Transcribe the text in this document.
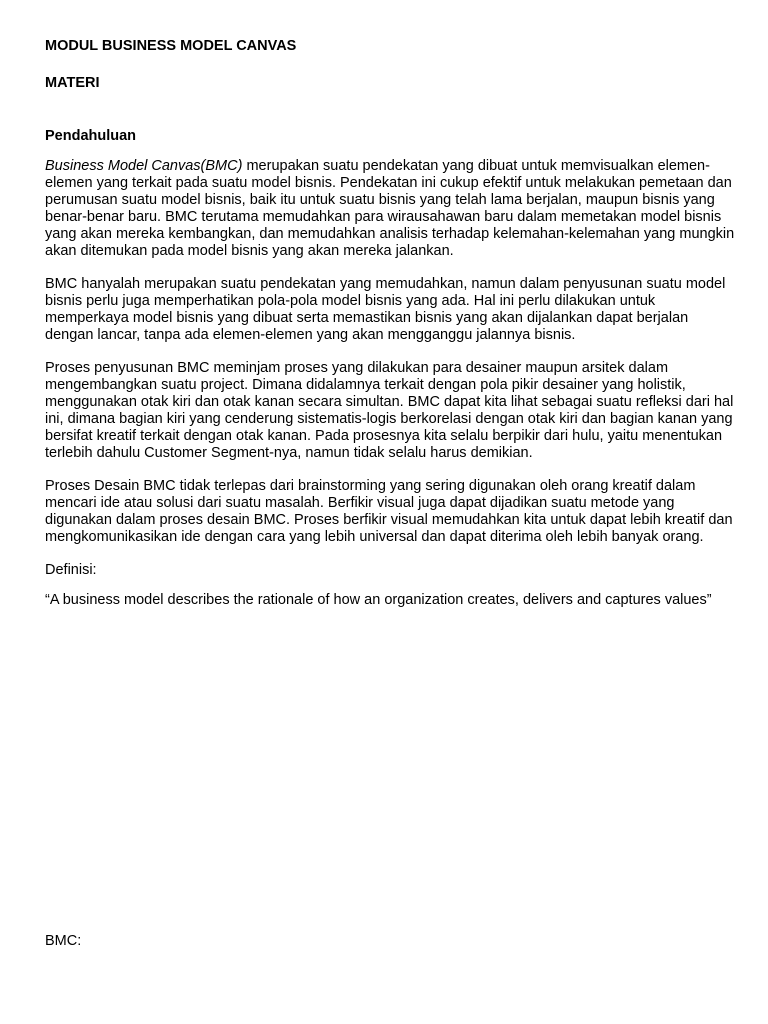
MODUL BUSINESS MODEL CANVAS

MATERI

Pendahuluan

Business Model Canvas(BMC) merupakan suatu pendekatan yang dibuat untuk memvisualkan elemen-elemen yang terkait pada suatu model bisnis. Pendekatan ini cukup efektif untuk melakukan pemetaan dan perumusan suatu model bisnis, baik itu untuk suatu bisnis yang telah lama berjalan, maupun bisnis yang benar-benar baru. BMC terutama memudahkan para wirausahawan baru dalam memetakan model bisnis yang akan mereka kembangkan, dan memudahkan analisis terhadap kelemahan-kelemahan yang mungkin akan ditemukan pada model bisnis yang akan mereka jalankan.

BMC hanyalah merupakan suatu pendekatan yang memudahkan, namun dalam penyusunan suatu model bisnis perlu juga memperhatikan pola-pola model bisnis yang ada. Hal ini perlu dilakukan untuk memperkaya model bisnis yang dibuat serta memastikan bisnis yang akan dijalankan dapat berjalan dengan lancar, tanpa ada elemen-elemen yang akan mengganggu jalannya bisnis.

Proses penyusunan BMC meminjam proses yang dilakukan para desainer maupun arsitek dalam mengembangkan suatu project. Dimana didalamnya terkait dengan pola pikir desainer yang holistik, menggunakan otak kiri dan otak kanan secara simultan. BMC dapat kita lihat sebagai suatu refleksi dari hal ini, dimana bagian kiri yang cenderung sistematis-logis berkorelasi dengan otak kiri dan bagian kanan yang bersifat kreatif terkait dengan otak kanan. Pada prosesnya kita selalu berpikir dari hulu, yaitu menentukan terlebih dahulu Customer Segment-nya, namun tidak selalu harus demikian.

Proses Desain BMC tidak terlepas dari brainstorming yang sering digunakan oleh orang kreatif dalam mencari ide atau solusi dari suatu masalah. Berfikir visual juga dapat dijadikan suatu metode yang digunakan dalam proses desain BMC. Proses berfikir visual memudahkan kita untuk dapat lebih kreatif dan mengkomunikasikan ide dengan cara yang lebih universal dan dapat diterima oleh lebih banyak orang.

Definisi:

“A business model describes the rationale of how an organization creates, delivers and captures values”

BMC:
